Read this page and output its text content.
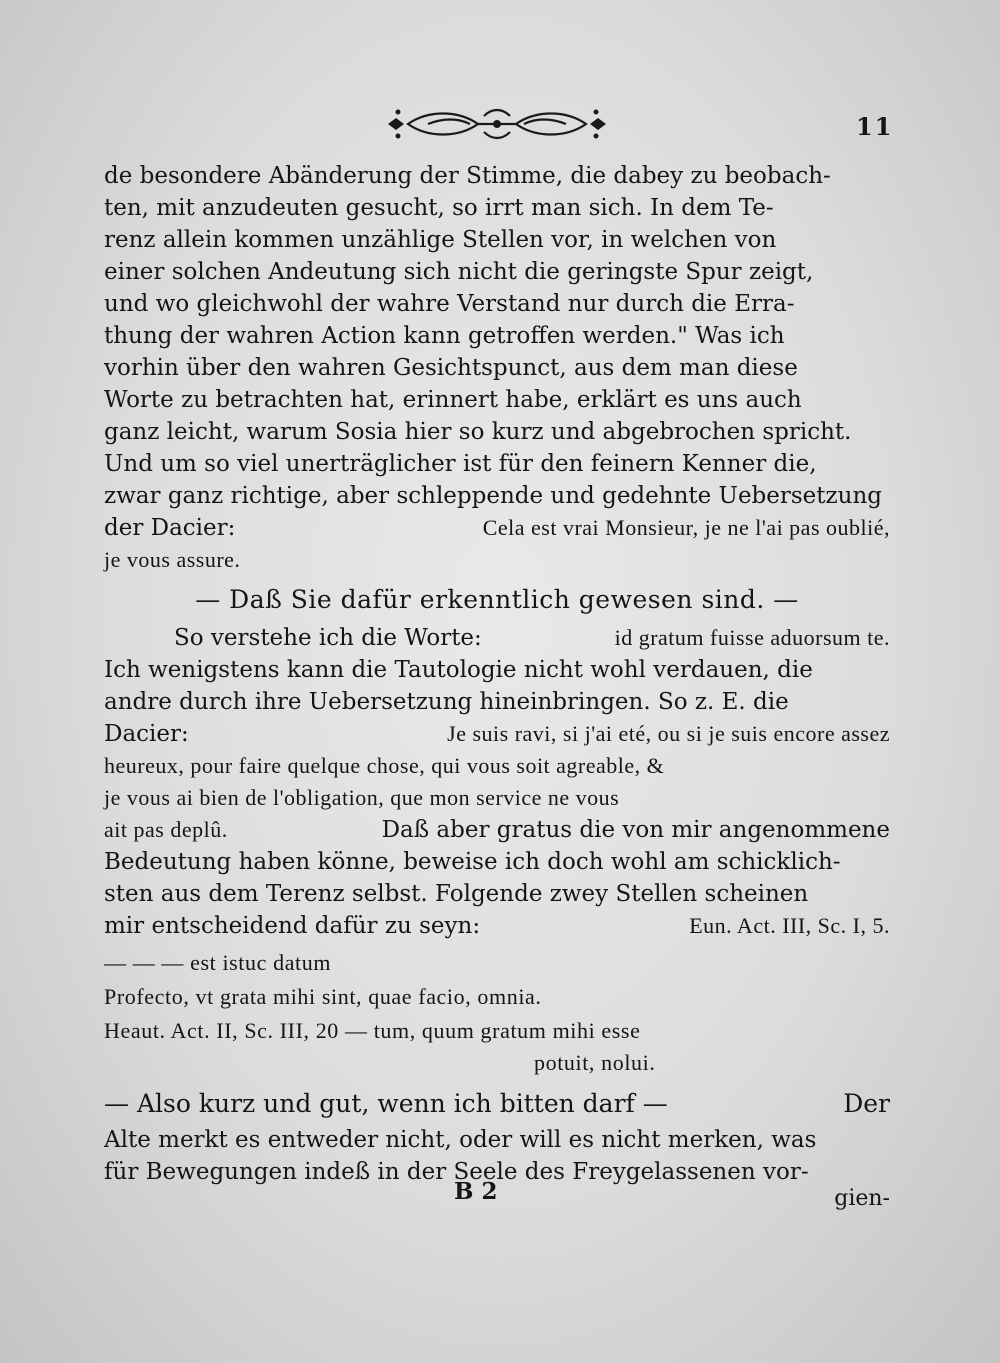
11
de besondere Abänderung der Stimme, die dabey zu beobach-
ten, mit anzudeuten gesucht, so irrt man sich. In dem Te-
renz allein kommen unzählige Stellen vor, in welchen von
einer solchen Andeutung sich nicht die geringste Spur zeigt,
und wo gleichwohl der wahre Verstand nur durch die Erra-
thung der wahren Action kann getroffen werden." Was ich
vorhin über den wahren Gesichtspunct, aus dem man diese
Worte zu betrachten hat, erinnert habe, erklärt es uns auch
ganz leicht, warum Sosia hier so kurz und abgebrochen spricht.
Und um so viel unerträglicher ist für den feinern Kenner die,
zwar ganz richtige, aber schleppende und gedehnte Uebersetzung
der Dacier:	Cela est vrai Monsieur, je ne l'ai pas oublié,
je vous assure.
— Daß Sie dafür erkenntlich gewesen sind. —
So verstehe ich die Worte:	id gratum fuisse aduorsum te.
Ich wenigstens kann die Tautologie nicht wohl verdauen, die
andre durch ihre Uebersetzung hineinbringen. So z. E. die
Dacier:	Je suis ravi, si j'ai eté, ou si je suis encore assez
heureux, pour faire quelque chose, qui vous soit agreable, &
je vous ai bien de l'obligation, que mon service ne vous
ait pas deplû.	Daß aber gratus die von mir angenommene
Bedeutung haben könne, beweise ich doch wohl am schicklich-
sten aus dem Terenz selbst. Folgende zwey Stellen scheinen
mir entscheidend dafür zu seyn:	Eun. Act. III, Sc. I, 5.
— — — est istuc datum
Profecto, vt grata mihi sint, quae facio, omnia.
Heaut. Act. II, Sc. III, 20 — tum, quum gratum mihi esse
potuit, nolui.
— Also kurz und gut, wenn ich bitten darf —	Der
Alte merkt es entweder nicht, oder will es nicht merken, was
für Bewegungen indeß in der Seele des Freygelassenen vor-
B 2	gien-
